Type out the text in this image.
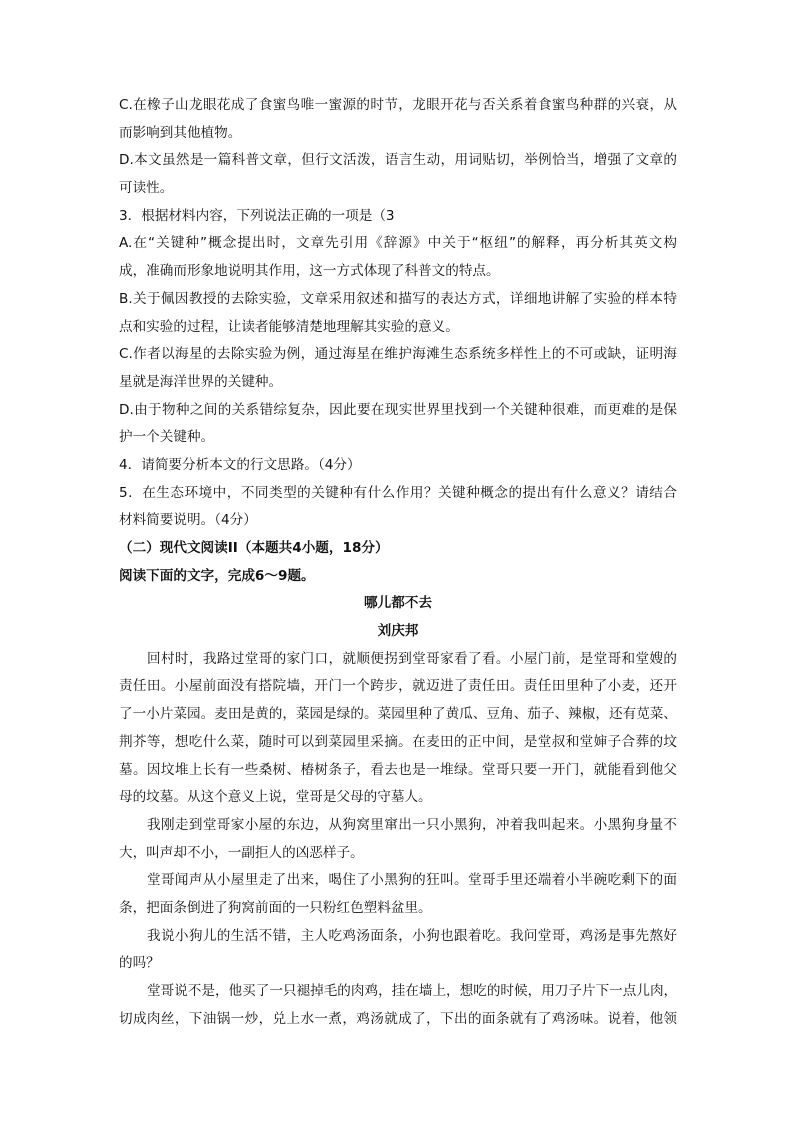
C.在橡子山龙眼花成了食蜜鸟唯一蜜源的时节，龙眼开花与否关系着食蜜鸟种群的兴衰，从
而影响到其他植物。
D.本文虽然是一篇科普文章，但行文活泼，语言生动，用词贴切，举例恰当，增强了文章的
可读性。
3．根据材料内容，下列说法正确的一项是（3
A.在“关键种”概念提出时，文章先引用《辞源》中关于“枢纽”的解释，再分析其英文构
成，准确而形象地说明其作用，这一方式体现了科普文的特点。
B.关于佩因教授的去除实验，文章采用叙述和描写的表达方式，详细地讲解了实验的样本特
点和实验的过程，让读者能够清楚地理解其实验的意义。
C.作者以海星的去除实验为例，通过海星在维护海滩生态系统多样性上的不可或缺，证明海
星就是海洋世界的关键种。
D.由于物种之间的关系错综复杂，因此要在现实世界里找到一个关键种很难，而更难的是保
护一个关键种。
4．请简要分析本文的行文思路。（4分）
5．在生态环境中，不同类型的关键种有什么作用？关键种概念的提出有什么意义？请结合
材料简要说明。（4分）
（二）现代文阅读II（本题共4小题，18分）
阅读下面的文字，完成6～9题。
哪儿都不去
刘庆邦
回村时，我路过堂哥的家门口，就顺便拐到堂哥家看了看。小屋门前，是堂哥和堂嫂的
责任田。小屋前面没有搭院墙，开门一个跨步，就迈进了责任田。责任田里种了小麦，还开
了一小片菜园。麦田是黄的，菜园是绿的。菜园里种了黄瓜、豆角、茄子、辣椒，还有苋菜、
荆芥等，想吃什么菜，随时可以到菜园里采摘。在麦田的正中间，是堂叔和堂婶子合葬的坟
墓。因坟堆上长有一些桑树、椿树条子，看去也是一堆绿。堂哥只要一开门，就能看到他父
母的坟墓。从这个意义上说，堂哥是父母的守墓人。
我刚走到堂哥家小屋的东边，从狗窝里窜出一只小黑狗，冲着我叫起来。小黑狗身量不
大，叫声却不小，一副拒人的凶恶样子。
堂哥闻声从小屋里走了出来，喝住了小黑狗的狂叫。堂哥手里还端着小半碗吃剩下的面
条，把面条倒进了狗窝前面的一只粉红色塑料盆里。
我说小狗儿的生活不错，主人吃鸡汤面条，小狗也跟着吃。我问堂哥，鸡汤是事先熬好
的吗？
堂哥说不是，他买了一只褪掉毛的肉鸡，挂在墙上，想吃的时候，用刀子片下一点儿肉，
切成肉丝，下油锅一炒，兑上水一煮，鸡汤就成了，下出的面条就有了鸡汤味。说着，他领
